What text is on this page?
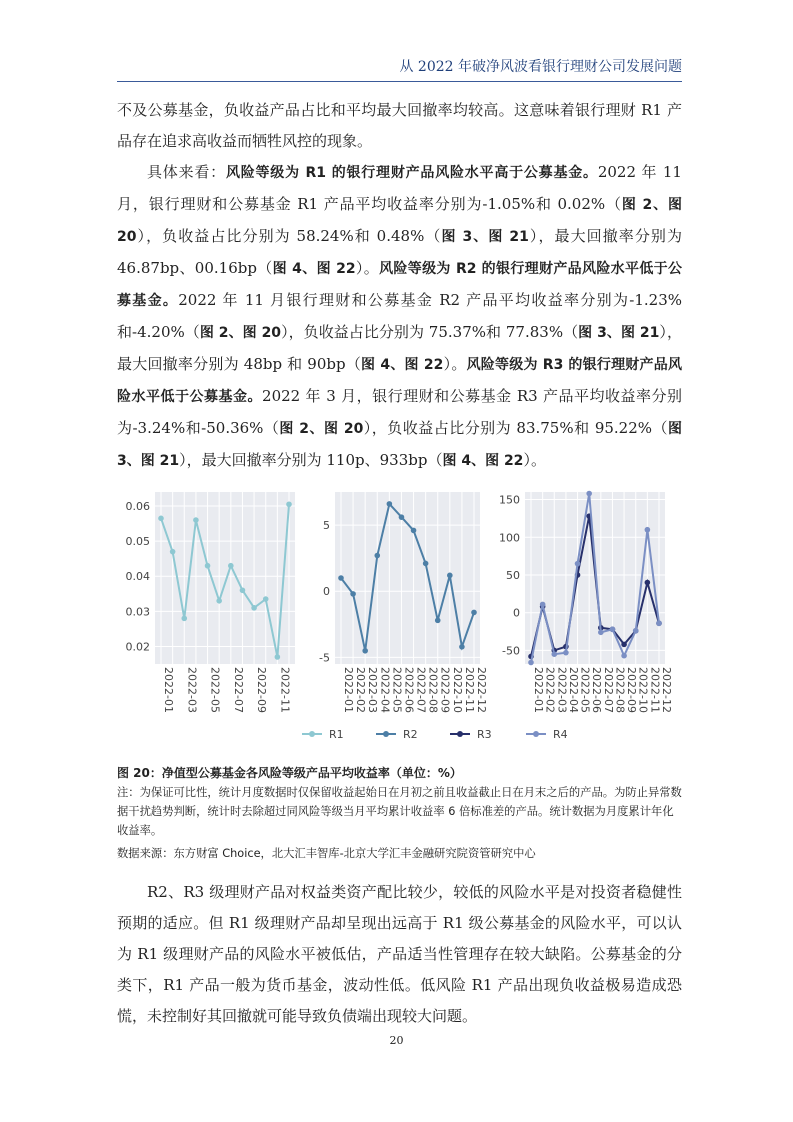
从 2022 年破净风波看银行理财公司发展问题

不及公募基金，负收益产品占比和平均最大回撤率均较高。这意味着银行理财 R1 产品存在追求高收益而牺牲风控的现象。

具体来看：风险等级为 R1 的银行理财产品风险水平高于公募基金。2022 年 11 月，银行理财和公募基金 R1 产品平均收益率分别为-1.05%和 0.02%（图 2、图 20），负收益占比分别为 58.24%和 0.48%（图 3、图 21），最大回撤率分别为 46.87bp、00.16bp（图 4、图 22）。风险等级为 R2 的银行理财产品风险水平低于公募基金。2022 年 11 月银行理财和公募基金 R2 产品平均收益率分别为-1.23%和-4.20%（图 2、图 20），负收益占比分别为 75.37%和 77.83%（图 3、图 21），最大回撤率分别为 48bp 和 90bp（图 4、图 22）。风险等级为 R3 的银行理财产品风险水平低于公募基金。2022 年 3 月，银行理财和公募基金 R3 产品平均收益率分别为-3.24%和-50.36%（图 2、图 20），负收益占比分别为 83.75%和 95.22%（图 3、图 21），最大回撤率分别为 110p、933bp（图 4、图 22）。

0.02
0.03
0.04
0.05
0.06
2022-01 2022-03 2022-05 2022-07 2022-09 2022-11
-5
0
5
2022-01 2022-02 2022-03 2022-04 2022-05 2022-06 2022-07 2022-08 2022-09 2022-10 2022-11 2022-12
-50
0
50
100
150
2022-01
2022-02
2022-03
2022-04
2022-05
2022-06
2022-07
2022-08
2022-09
2022-10
2022-11
2022-12
R1	R2	R3	R4

图 20：净值型公募基金各风险等级产品平均收益率（单位：%）

注：为保证可比性，统计月度数据时仅保留收益起始日在月初之前且收益截止日在月末之后的产品。为防止异常数据干扰趋势判断，统计时去除超过同风险等级当月平均累计收益率 6 倍标准差的产品。统计数据为月度累计年化收益率。

数据来源：东方财富 Choice，北大汇丰智库-北京大学汇丰金融研究院资管研究中心

R2、R3 级理财产品对权益类资产配比较少，较低的风险水平是对投资者稳健性预期的适应。但 R1 级理财产品却呈现出远高于 R1 级公募基金的风险水平，可以认为 R1 级理财产品的风险水平被低估，产品适当性管理存在较大缺陷。公募基金的分类下，R1 产品一般为货币基金，波动性低。低风险 R1 产品出现负收益极易造成恐慌，未控制好其回撤就可能导致负债端出现较大问题。

20
